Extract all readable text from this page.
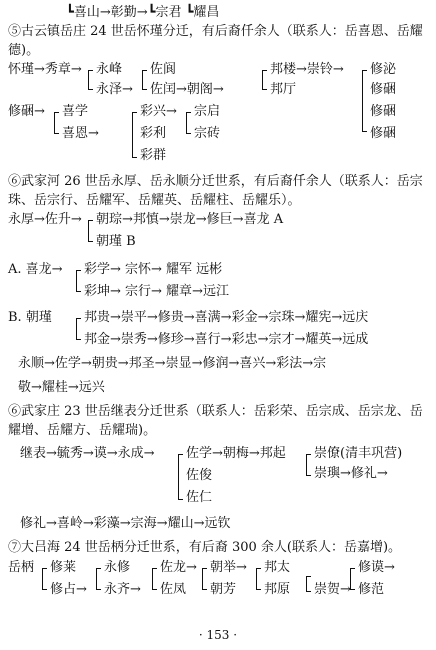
┗喜山→彰勤→┗宗君 ┗耀昌
⑤古云镇岳庄 24 世岳怀瑾分迁，有后裔仟余人（联系人：岳喜恩、岳耀德)。
怀瑾→秀章→ 永峰 佐阆	邦楼→崇铃→ 修泌
永泽→ 佐闰→朝阁→	邦厅	修硱
修硱→ 喜学	彩兴→ 宗启	修硱
喜恩→	彩利 宗砖	修硱
彩群
⑥武家河 26 世岳永厚、岳永顺分迁世系，有后裔仟余人（联系人：岳宗珠、岳宗行、岳耀军、岳耀英、岳耀柱、岳耀乐）。
永厚→佐升→ 朝琮→邦慎→崇龙→修巨→喜龙 A
朝瑾 B
A. 喜龙→ 彩学→ 宗怀→ 耀军 远彬
彩坤→ 宗行→ 耀章→远江
B. 朝瑾 邦贵→崇平→修贵→喜满→彩金→宗珠→耀宪→远庆
邦金→崇秀→修珍→喜行→彩忠→宗才→耀英→远成
永顺→佐学→朝贵→邦圣→崇显→修润→喜兴→彩法→宗
敬→耀桂→远兴
⑥武家庄 23 世岳继表分迁世系（联系人：岳彩荣、岳宗成、岳宗龙、岳耀增、岳耀方、岳耀瑞)。
继表→毓秀→谟→永成→ 佐学→朝梅→邦起 崇僚(清丰巩营)
崇璵→修礼→
佐俊
佐仁
修礼→喜岭→彩藻→宗海→耀山→远钦
⑦大吕海 24 世岳柄分迁世系，有后裔 300 余人(联系人：岳嘉增)。
岳柄 修莱 永修 佐龙→ 朝举→ 邦太	修谟→
修占→ 永齐→ 佐凤 朝芳 邦原 崇贺→ 修范
· 153 ·
